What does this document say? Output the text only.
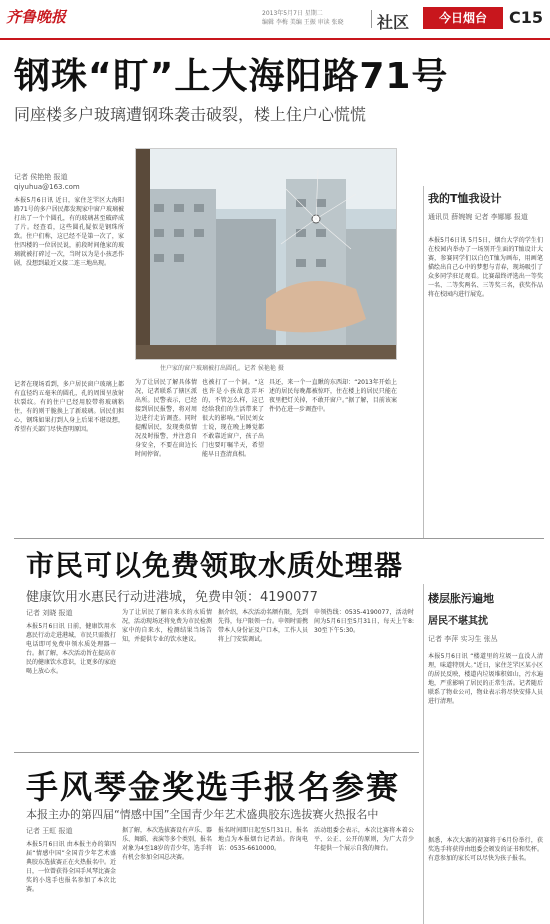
齐鲁晚报	2013年5月7日 星期二
编辑 李梅 美编 王振 审读 张晓 社区	今日烟台	C15
钢珠“盯”上大海阳路71号
同座楼多户玻璃遭钢珠袭击破裂，楼上住户心慌慌
记者 侯艳艳 报道
qiyuhua@163.com

本报5月6日讯 近日，家住芝罘区大海阳路71号的多户居民都发现家中窗户玻璃被打出了一个个圆孔，有的玻璃甚至破碎成了片。经查看，这些圆孔疑似是钢珠所致。住户们称，这已经不是第一次了，家住四楼的一位居民说，前段时间他家的玻璃就被打碎过一次，当时以为是小孩恶作剧，没想到最近又接二连三地出现。

记者在现场看到，多户居民窗户玻璃上都有直径约五毫米的圆孔，孔的周围呈放射状裂纹。有的住户已经用胶带将玻璃粘住，有的则干脆换上了新玻璃。居民们担心，钢珠如果打到人身上后果不堪设想，希望有关部门尽快查明原因。

住户家的窗户玻璃被打出圆孔。记者 侯艳艳 摄

为了让居民了解具体情况，记者联系了辖区派出所。民警表示，已经接到居民报警，将对周边进行走访调查。同时提醒居民，发现类似情况及时报警，并注意自身安全，不要在窗边长时间停留。

也被打了一个洞。“这也许是小孩故意弄坏的，不管怎么样，这已经给我们的生活带来了很大的影响。”居民刘女士说，现在晚上睡觉都不敢靠近窗户，孩子出门也要叮嘱半天，希望能早日查清真相。

具还，来一个一直瞅的东西却：“2013年开始上述的居民每晚都被惊吓，住在楼上的居民只能在夜里把灯关掉，不敢开窗户。”据了解，目前该案件仍在进一步调查中。

我的T恤我设计
通讯员 薛婉婉 记者 李娜娜 报道

本报5月6日讯 5月5日，烟台大学的学生们在校园内举办了一场别开生面的T恤设计大赛，参赛同学们以白色T恤为画布，用画笔描绘出自己心中的梦想与青春，现场吸引了众多同学驻足观看。比赛最终评选出一等奖一名、二等奖两名、三等奖三名，获奖作品将在校园内进行展览。

市民可以免费领取水质处理器
健康饮用水惠民行动进港城，免费申领：4190077
记者 刘晓 报道

本报5月6日讯 日前，健康饮用水惠民行动走进港城，市民只需拨打电话即可免费申领水质处理器一台。据了解，本次活动旨在提高市民的健康饮水意识，让更多的家庭喝上放心水。

为了让居民了解自来水的水质情况，活动现场还将免费为市民检测家中的自来水，检测结果当场告知，并提供专业的饮水建议。

据介绍，本次活动名额有限，先到先得，每户限领一台。申领时需携带本人身份证及户口本，工作人员将上门安装调试。

申领热线：0535-4190077，活动时间为5月6日至5月31日，每天上午8:30至下午5:30。

楼层胀污遍地
居民不堪其扰
记者 李萍 实习生 张丛

本报5月6日讯 “楼道里的垃圾一直没人清理，味道特别大。”近日，家住芝罘区某小区的居民反映，楼道内垃圾堆积如山，污水遍地，严重影响了居民的正常生活。记者随后联系了物业公司，物业表示将尽快安排人员进行清理。

据悉，本次大赛的初赛将于6月份举行，获奖选手将获得由组委会颁发的证书和奖杯。有意参加的家长可以尽快为孩子报名。

手风琴金奖选手报名参赛
本报主办的第四届“情感中国”全国青少年艺术盛典胶东选拔赛火热报名中
记者 王虹 报道

本报5月6日讯 由本报主办的第四届“情感中国”全国青少年艺术盛典胶东选拔赛正在火热报名中。近日，一位曾获得全国手风琴比赛金奖的小选手也报名参加了本次比赛。

据了解，本次选拔赛设有声乐、器乐、舞蹈、表演等多个类别，报名对象为4至18岁的青少年，选手将有机会参加全国总决赛。

报名时间即日起至5月31日，报名地点为本报烟台记者站。咨询电话：0535-6610000。

活动组委会表示，本次比赛将本着公平、公正、公开的原则，为广大青少年提供一个展示自我的舞台。
